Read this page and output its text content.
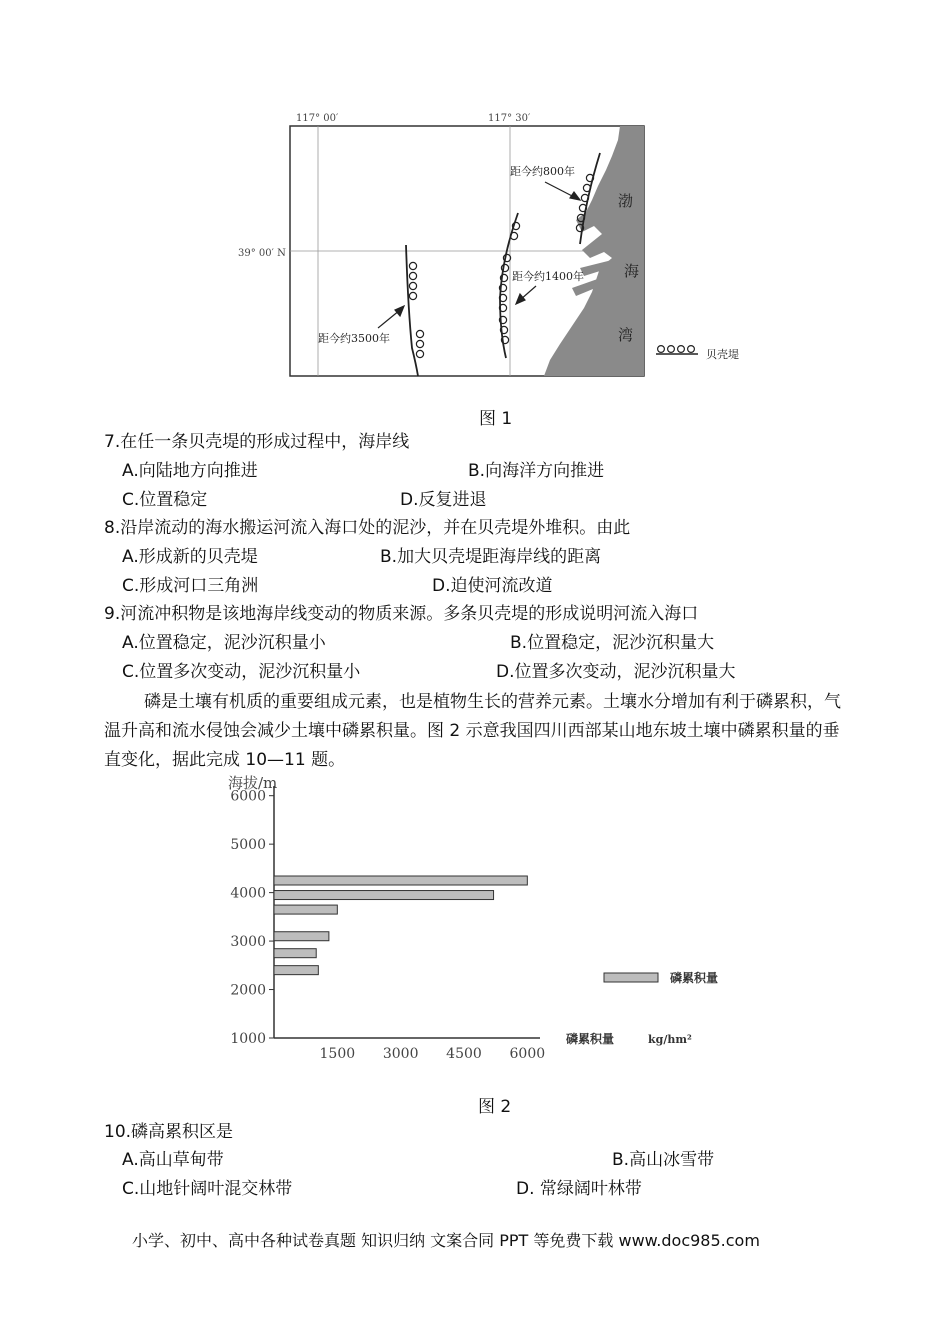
117° 00′	117° 30′
39° 00′ N
渤
海
湾
距今约800年
距今约1400年
距今约3500年
贝壳堤
图 1
7.在任一条贝壳堤的形成过程中，海岸线
A.向陆地方向推进	B.向海洋方向推进
C.位置稳定	D.反复进退
8.沿岸流动的海水搬运河流入海口处的泥沙，并在贝壳堤外堆积。由此
A.形成新的贝壳堤	B.加大贝壳堤距海岸线的距离
C.形成河口三角洲	D.迫使河流改道
9.河流冲积物是该地海岸线变动的物质来源。多条贝壳堤的形成说明河流入海口
A.位置稳定，泥沙沉积量小	B.位置稳定，泥沙沉积量大
C.位置多次变动，泥沙沉积量小	D.位置多次变动，泥沙沉积量大
磷是土壤有机质的重要组成元素，也是植物生长的营养元素。土壤水分增加有利于磷累积，气温升高和流水侵蚀会减少土壤中磷累积量。图 2 示意我国四川西部某山地东坡土壤中磷累积量的垂直变化，据此完成 10—11 题。
海拔/m
1000
2000
3000
4000
5000
6000
1500 3000 4500 6000
磷累积量
磷累积量	kg/hm²
图 2
10.磷高累积区是
A.高山草甸带	B.高山冰雪带
C.山地针阔叶混交林带	D. 常绿阔叶林带
小学、初中、高中各种试卷真题 知识归纳 文案合同 PPT 等免费下载 www.doc985.com
